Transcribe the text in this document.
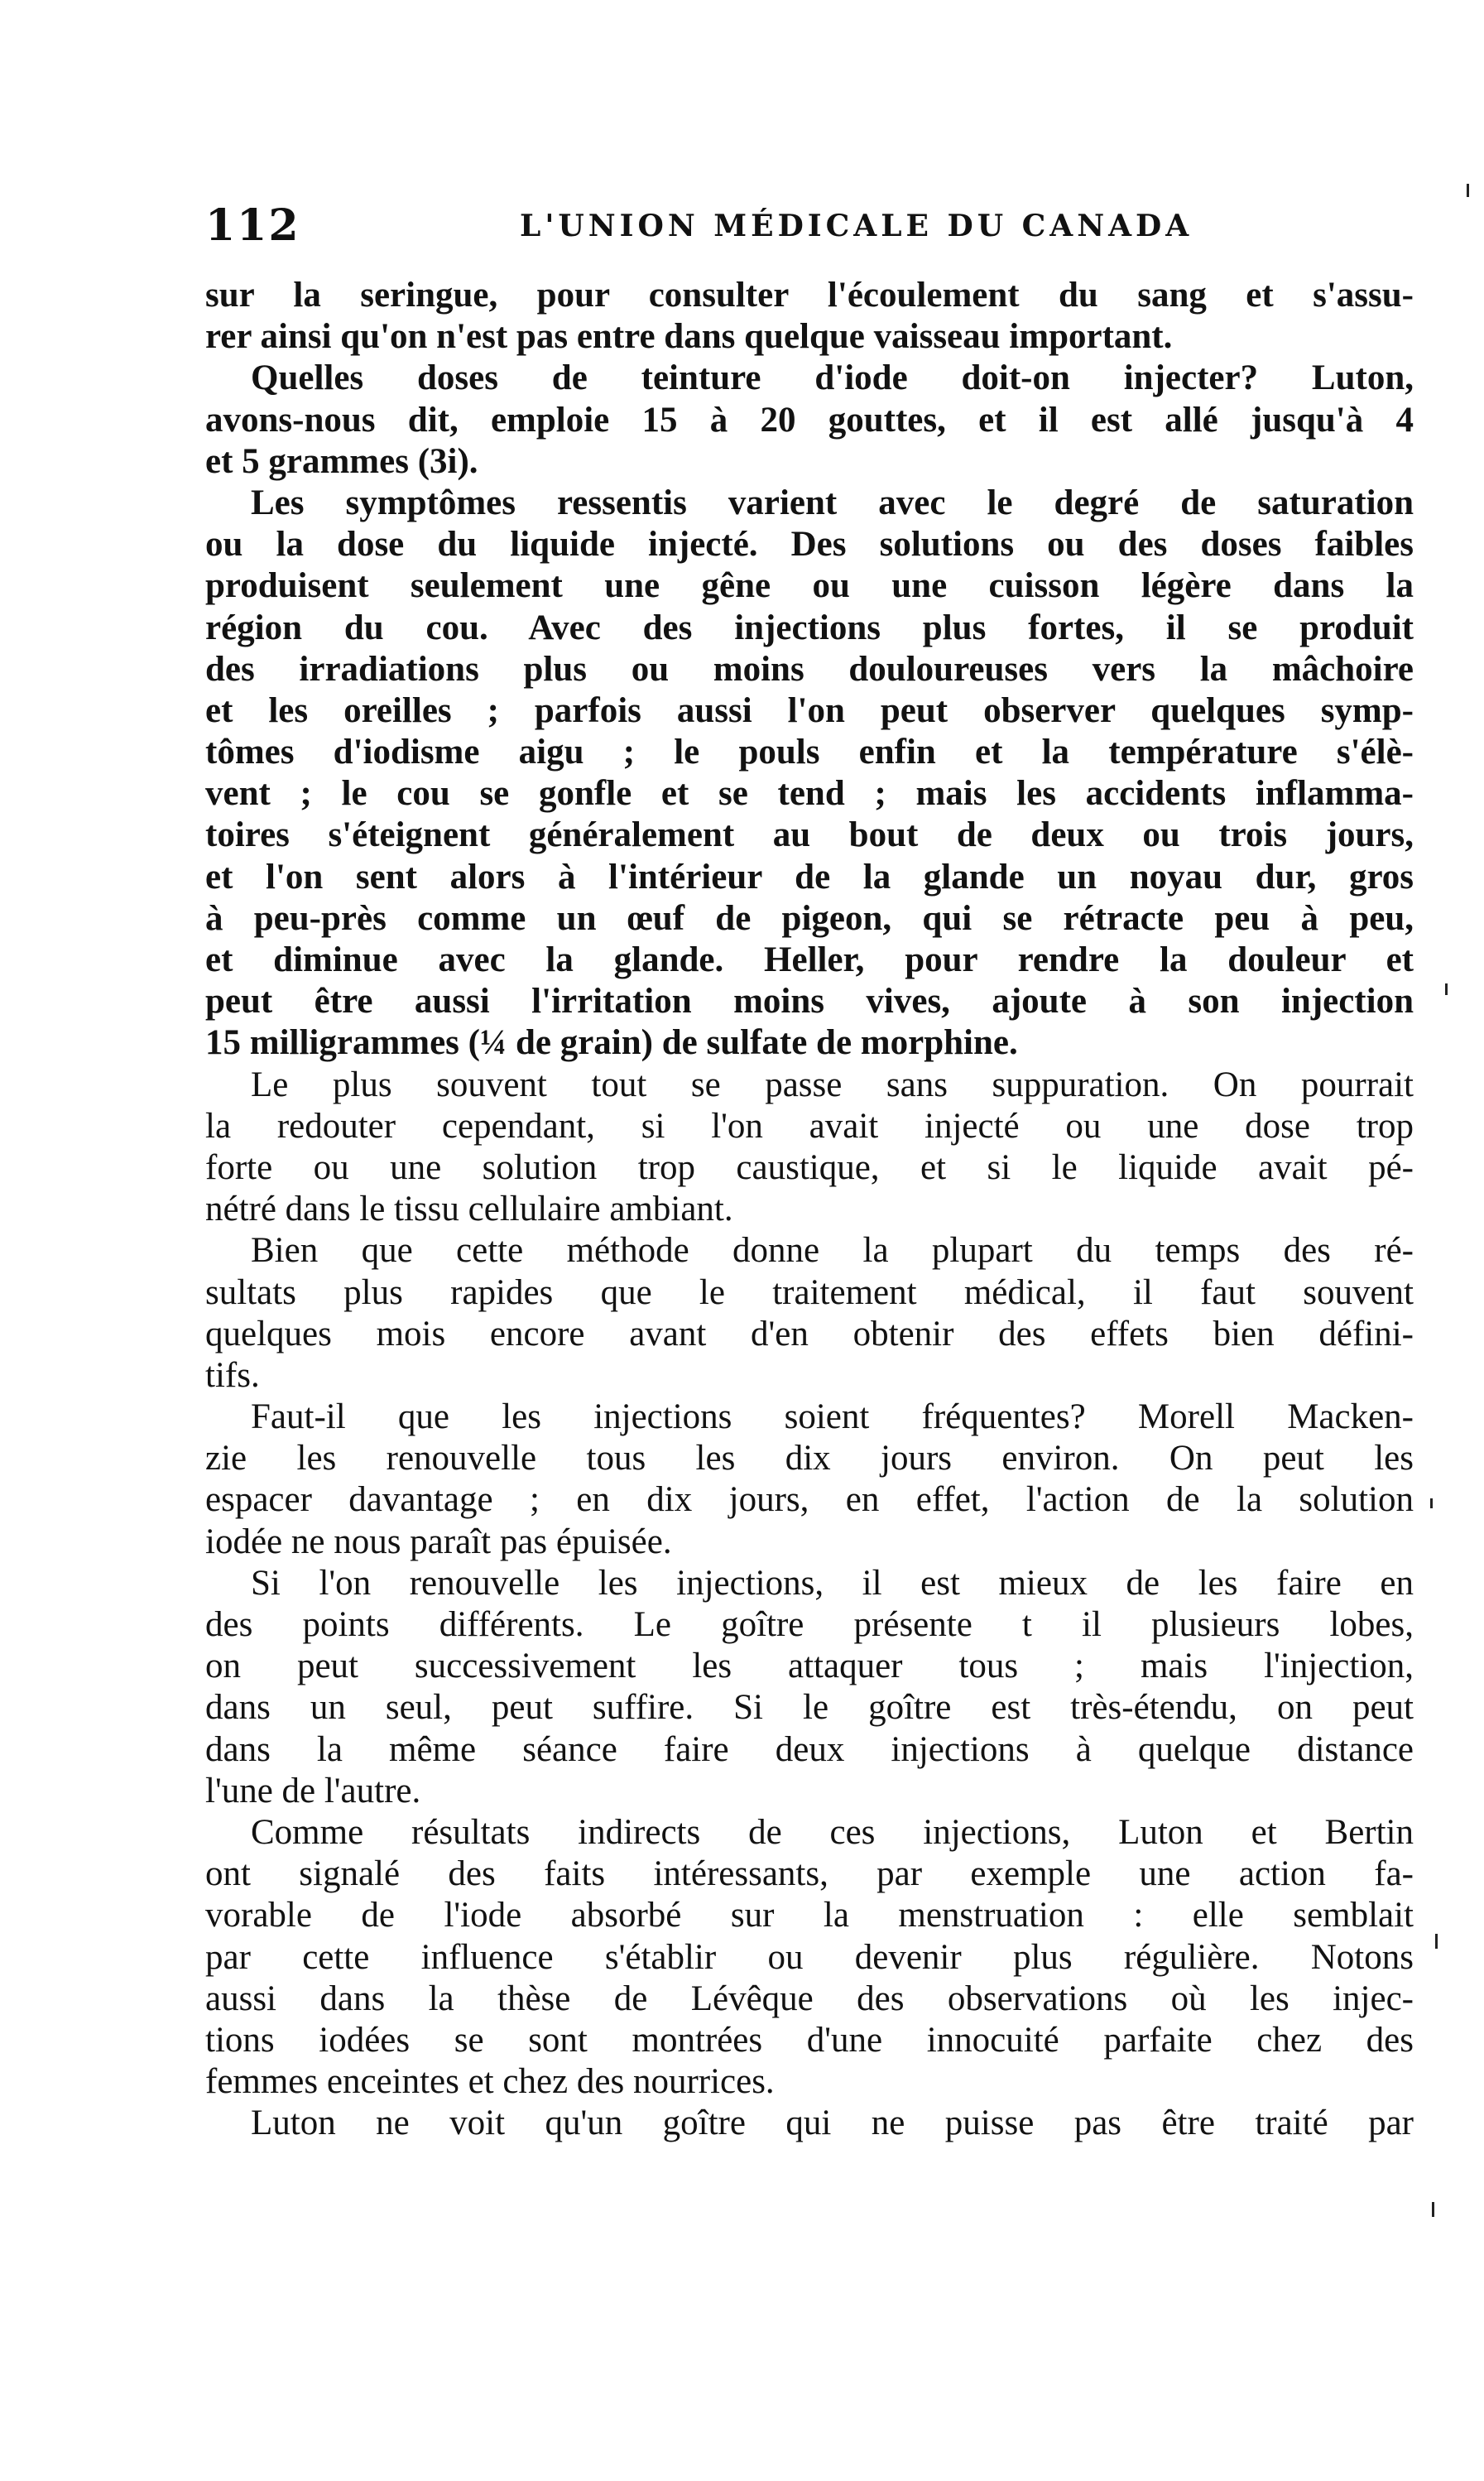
112	L'UNION MÉDICALE DU CANADA
sur la seringue, pour consulter l'écoulement du sang et s'assu-
rer ainsi qu'on n'est pas entre dans quelque vaisseau important.
Quelles doses de teinture d'iode doit-on injecter? Luton,
avons-nous dit, emploie 15 à 20 gouttes, et il est allé jusqu'à 4
et 5 grammes (3i).
Les symptômes ressentis varient avec le degré de saturation
ou la dose du liquide injecté. Des solutions ou des doses faibles
produisent seulement une gêne ou une cuisson légère dans la
région du cou. Avec des injections plus fortes, il se produit
des irradiations plus ou moins douloureuses vers la mâchoire
et les oreilles ; parfois aussi l'on peut observer quelques symp-
tômes d'iodisme aigu ; le pouls enfin et la température s'élè-
vent ; le cou se gonfle et se tend ; mais les accidents inflamma-
toires s'éteignent généralement au bout de deux ou trois jours,
et l'on sent alors à l'intérieur de la glande un noyau dur, gros
à peu-près comme un œuf de pigeon, qui se rétracte peu à peu,
et diminue avec la glande. Heller, pour rendre la douleur et
peut être aussi l'irritation moins vives, ajoute à son injection
15 milligrammes (¼ de grain) de sulfate de morphine.
Le plus souvent tout se passe sans suppuration. On pourrait
la redouter cependant, si l'on avait injecté ou une dose trop
forte ou une solution trop caustique, et si le liquide avait pé-
nétré dans le tissu cellulaire ambiant.
Bien que cette méthode donne la plupart du temps des ré-
sultats plus rapides que le traitement médical, il faut souvent
quelques mois encore avant d'en obtenir des effets bien défini-
tifs.
Faut-il que les injections soient fréquentes? Morell Macken-
zie les renouvelle tous les dix jours environ. On peut les
espacer davantage ; en dix jours, en effet, l'action de la solution
iodée ne nous paraît pas épuisée.
Si l'on renouvelle les injections, il est mieux de les faire en
des points différents. Le goître présente t il plusieurs lobes,
on peut successivement les attaquer tous ; mais l'injection,
dans un seul, peut suffire. Si le goître est très-étendu, on peut
dans la même séance faire deux injections à quelque distance
l'une de l'autre.
Comme résultats indirects de ces injections, Luton et Bertin
ont signalé des faits intéressants, par exemple une action fa-
vorable de l'iode absorbé sur la menstruation : elle semblait
par cette influence s'établir ou devenir plus régulière. Notons
aussi dans la thèse de Lévêque des observations où les injec-
tions iodées se sont montrées d'une innocuité parfaite chez des
femmes enceintes et chez des nourrices.
Luton ne voit qu'un goître qui ne puisse pas être traité par
